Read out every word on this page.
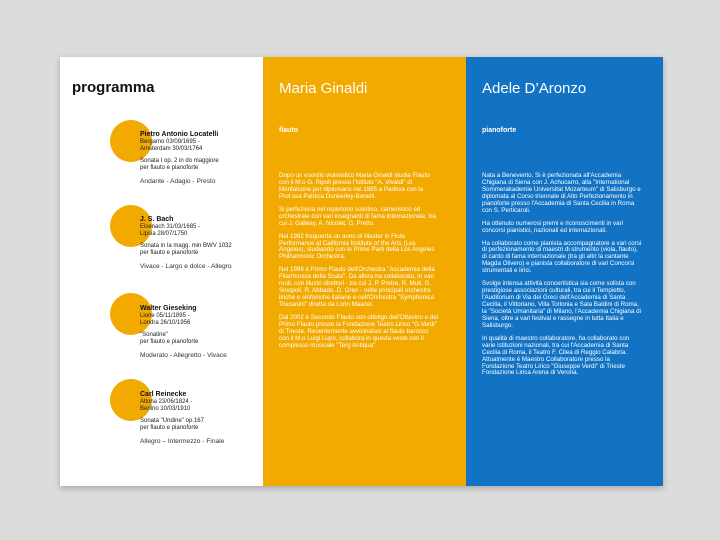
programma
Pietro Antonio Locatelli
Bergamo 03/09/1695 -
Amsterdam 30/03/1764
Sonata I op. 2 in do maggiore
per flauto e pianoforte
Andante - Adagio - Presto
J. S. Bach
Eisenach 31/03/1685 -
Lipsia 28/07/1750
Sonata in la magg. min BWV 1032
per flauto e pianoforte
Vivace - Largo e dolce - Allegro
Walter Gieseking
Lione 05/11/1895 -
Londra 26/10/1956
"Sonatine"
per flauto e pianoforte
Moderato - Allegretto - Vivace
Carl Reinecke
Altona 23/06/1824 -
Berlino 10/03/1910
Sonata "Undine" op.167
per flauto e pianoforte
Allegro – Intermezzo - Finale
Maria Ginaldi
flauto

Dopo un esordio violinistico Maria Ginaldi studia Flauto con il M.o G. Ripoli presso l'Istituto "A. Vivaldi" di Monfalcone per diplomarsi nel 1985 a Padova con la Prof.ssa Patricia Dunkerley-Bonelli.

Si perfeziona nel repertorio solistico, cameristico ed orchestrale con vari insegnanti di fama internazionale, tra cui J. Galway, A. Nicolet, G. Pretto.

Nel 1992 frequenta un anno di Master in Flute Performance al California Institute of the Arts (Los Angeles), studiando con le Prime Parti della Los Angeles Philharmonic Orchestra.

Nel 1998 è Primo Flauto dell'Orchestra "Accademia della Filarmonica della Scala". Da allora ha collaborato, in vari ruoli, con illustri direttori - tra cui J. P. Pretre, R. Muti, G. Sinopoli, R. Abbado, D. Oren - nelle principali orchestre liriche e sinfoniche italiane e nell'Orchestra "Symphonica Toscanini" diretta da Lorin Maazel.

Dal 2002 è Secondo Flauto con obbligo dell'Ottavino e del Primo Flauto presso la Fondazione Teatro Lirico "G.Verdi" di Trieste. Recentemente avvicinatasi al flauto barocco con il M.o Luigi Lupo, collabora in questa veste con il complesso musicale "Terg Antiqua".

Adele D’Aronzo
pianoforte

Nata a Benevento. Si è perfezionata all'Accademia Chigiana di Siena con J. Achucarro, alla "International Sommerakademie Universitat Mozarteum" di Salisburgo e diplomata al Corso triennale di Alto Perfezionamento in pianoforte presso l'Accademia di Santa Cecilia in Roma con S. Perticaroli.

Ha ottenuto numerosi premi e riconoscimenti in vari concorsi pianistici, nazionali ed internazionali.

Ha collaborato come pianista accompagnatore a vari corsi di perfezionamento di maestri di strumento (viola, flauto), di canto di fama internazionale (tra gli altri la cantante Magda Olivero) e pianista collaboratore di vari Concorsi strumentali e lirici.

Svolge intensa attività concertistica sia come solista con prestigiose associazioni culturali, tra cui il Tempietto, l'Auditorium di Via dei Greci dell'Accademia di Santa Cecilia, il Vittoriano, Villa Torlonia e Sala Baldini di Roma, la "Società Umanitaria" di Milano, l'Accademia Chigiana di Siena, oltre a vari festival e rassegne in tutta Italia e Salisburgo.

In qualità di maestro collaboratore, ha collaborato con varie istituzioni nazionali, tra cui l'Accademia di Santa Cecilia di Roma, il Teatro F. Cilea di Reggio Calabria. Attualmente è Maestro Collaboratore presso la Fondazione Teatro Lirico "Giuseppe Verdi" di Trieste Fondazione Lirica Arena di Verona.
